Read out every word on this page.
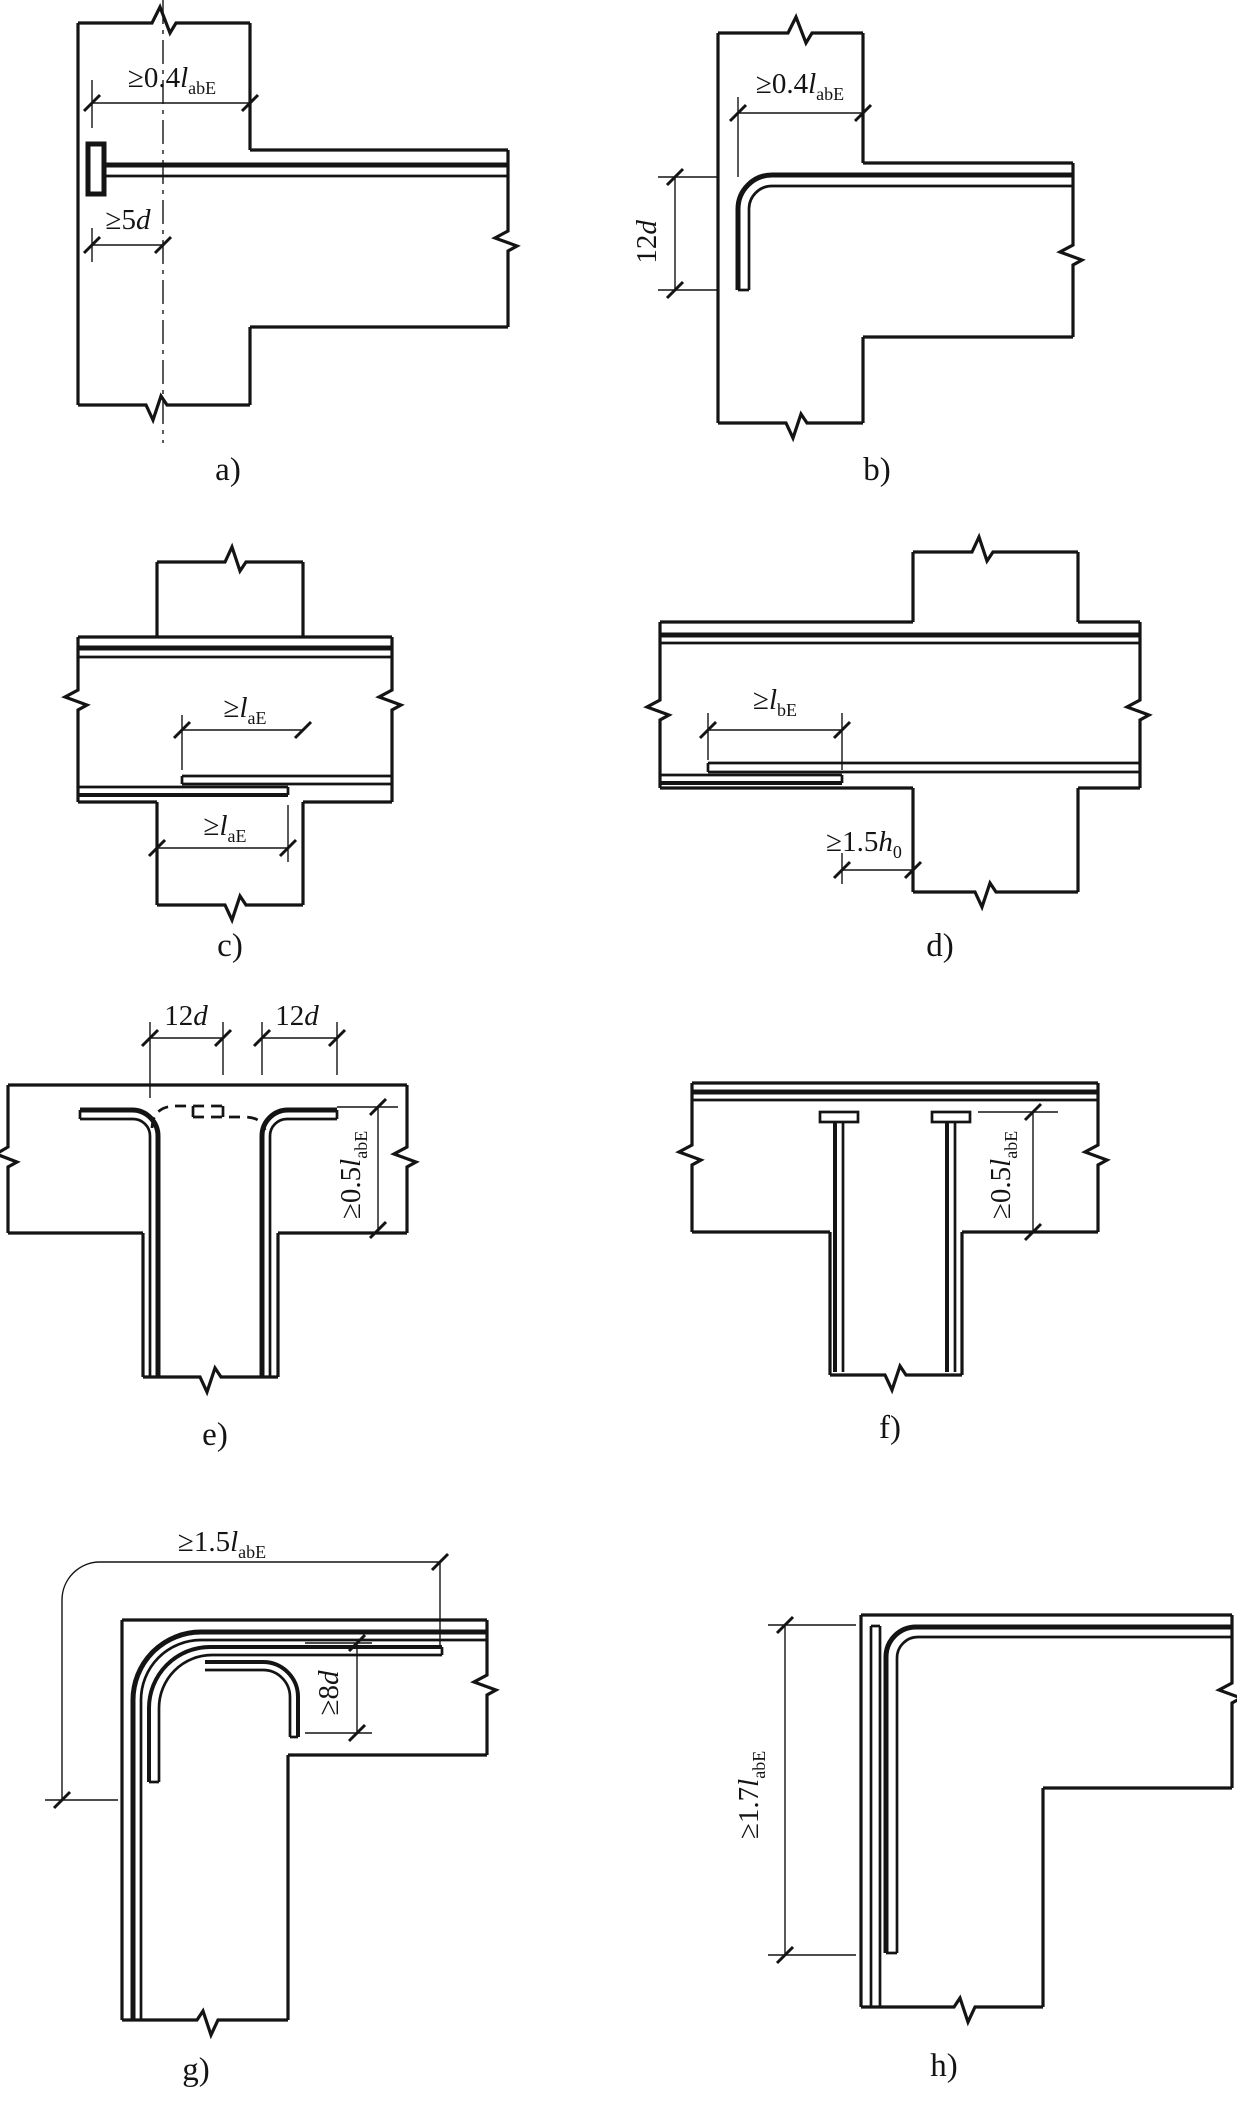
$\ge 0.4l_{abE}$
≥5d
$\ge 0.4l_{abE}$
12d
$\ge l_{aE}$
$\ge l_{aE}$
$\ge l_{bE}$
$\ge 1.5h_0$
12d	12d
$\ge 0.5l_{abE}$
$\ge 0.5l_{abE}$
$\ge 1.5l_{abE}$
≥8d
$\ge 1.7l_{abE}$
a)	b)
c)	d)
e)	f)
g)	h)
